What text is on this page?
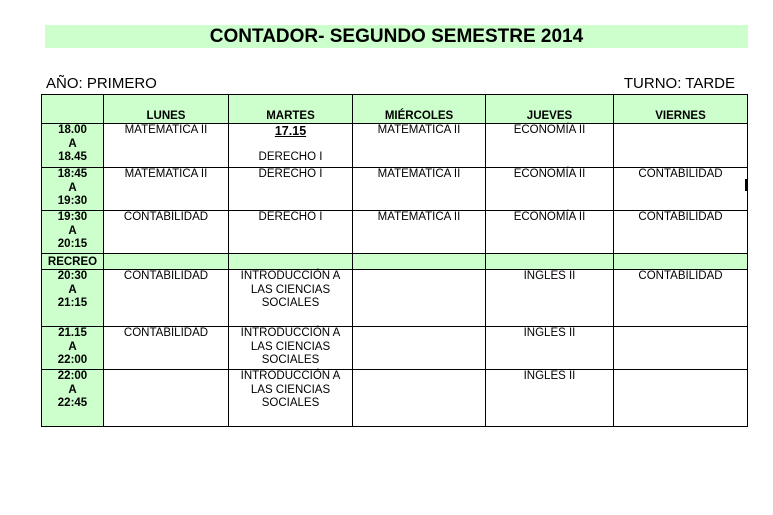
CONTADOR- SEGUNDO SEMESTRE 2014
AÑO: PRIMERO	TURNO: TARDE
	LUNES	MARTES	MIÉRCOLES	JUEVES	VIERNES
18.00
A
18.45	MATEMATICA II	17.15
DERECHO I	MATEMATICA II	ECONOMÍA II	
18:45
A
19:30	MATEMATICA II	DERECHO I	MATEMATICA II	ECONOMÍA II	CONTABILIDAD
19:30
A
20:15	CONTABILIDAD	DERECHO I	MATEMATICA II	ECONOMÍA II	CONTABILIDAD
RECREO					
20:30
A
21:15	CONTABILIDAD	INTRODUCCIÓN A
LAS CIENCIAS
SOCIALES		INGLES II	CONTABILIDAD
21.15
A
22:00	CONTABILIDAD	INTRODUCCIÓN A
LAS CIENCIAS
SOCIALES		INGLES II	
22:00
A
22:45		INTRODUCCIÓN A
LAS CIENCIAS
SOCIALES		INGLES II	
